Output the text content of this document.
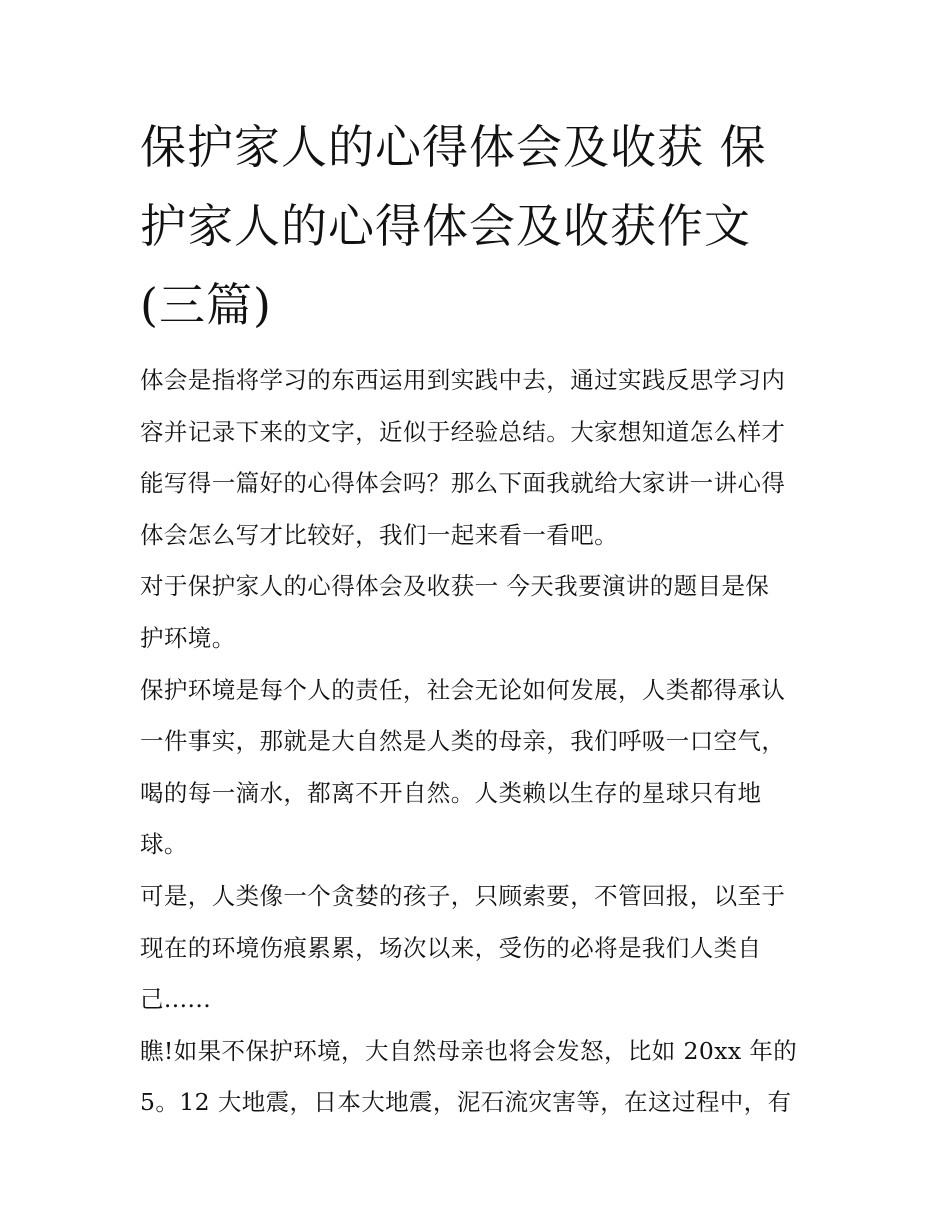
保护家人的心得体会及收获 保
护家人的心得体会及收获作文
(三篇)
体会是指将学习的东西运用到实践中去，通过实践反思学习内
容并记录下来的文字，近似于经验总结。大家想知道怎么样才
能写得一篇好的心得体会吗？那么下面我就给大家讲一讲心得
体会怎么写才比较好，我们一起来看一看吧。
对于保护家人的心得体会及收获一 今天我要演讲的题目是保
护环境。
保护环境是每个人的责任，社会无论如何发展，人类都得承认
一件事实，那就是大自然是人类的母亲，我们呼吸一口空气，
喝的每一滴水，都离不开自然。人类赖以生存的星球只有地
球。
可是，人类像一个贪婪的孩子，只顾索要，不管回报，以至于
现在的环境伤痕累累，场次以来，受伤的必将是我们人类自
己......
瞧!如果不保护环境，大自然母亲也将会发怒，比如 20xx 年的
5。12 大地震，日本大地震，泥石流灾害等，在这过程中，有
